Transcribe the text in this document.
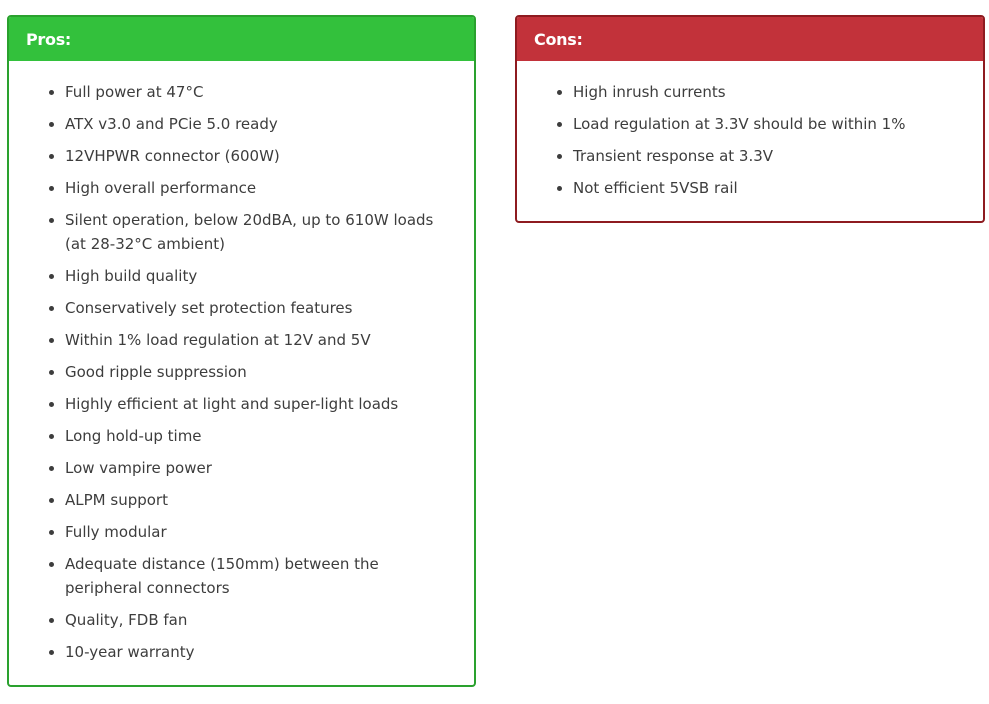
Pros:
Full power at 47°C
ATX v3.0 and PCie 5.0 ready
12VHPWR connector (600W)
High overall performance
Silent operation, below 20dBA, up to 610W loads (at 28-32°C ambient)
High build quality
Conservatively set protection features
Within 1% load regulation at 12V and 5V
Good ripple suppression
Highly efficient at light and super-light loads
Long hold-up time
Low vampire power
ALPM support
Fully modular
Adequate distance (150mm) between the peripheral connectors
Quality, FDB fan
10-year warranty
Cons:
High inrush currents
Load regulation at 3.3V should be within 1%
Transient response at 3.3V
Not efficient 5VSB rail
